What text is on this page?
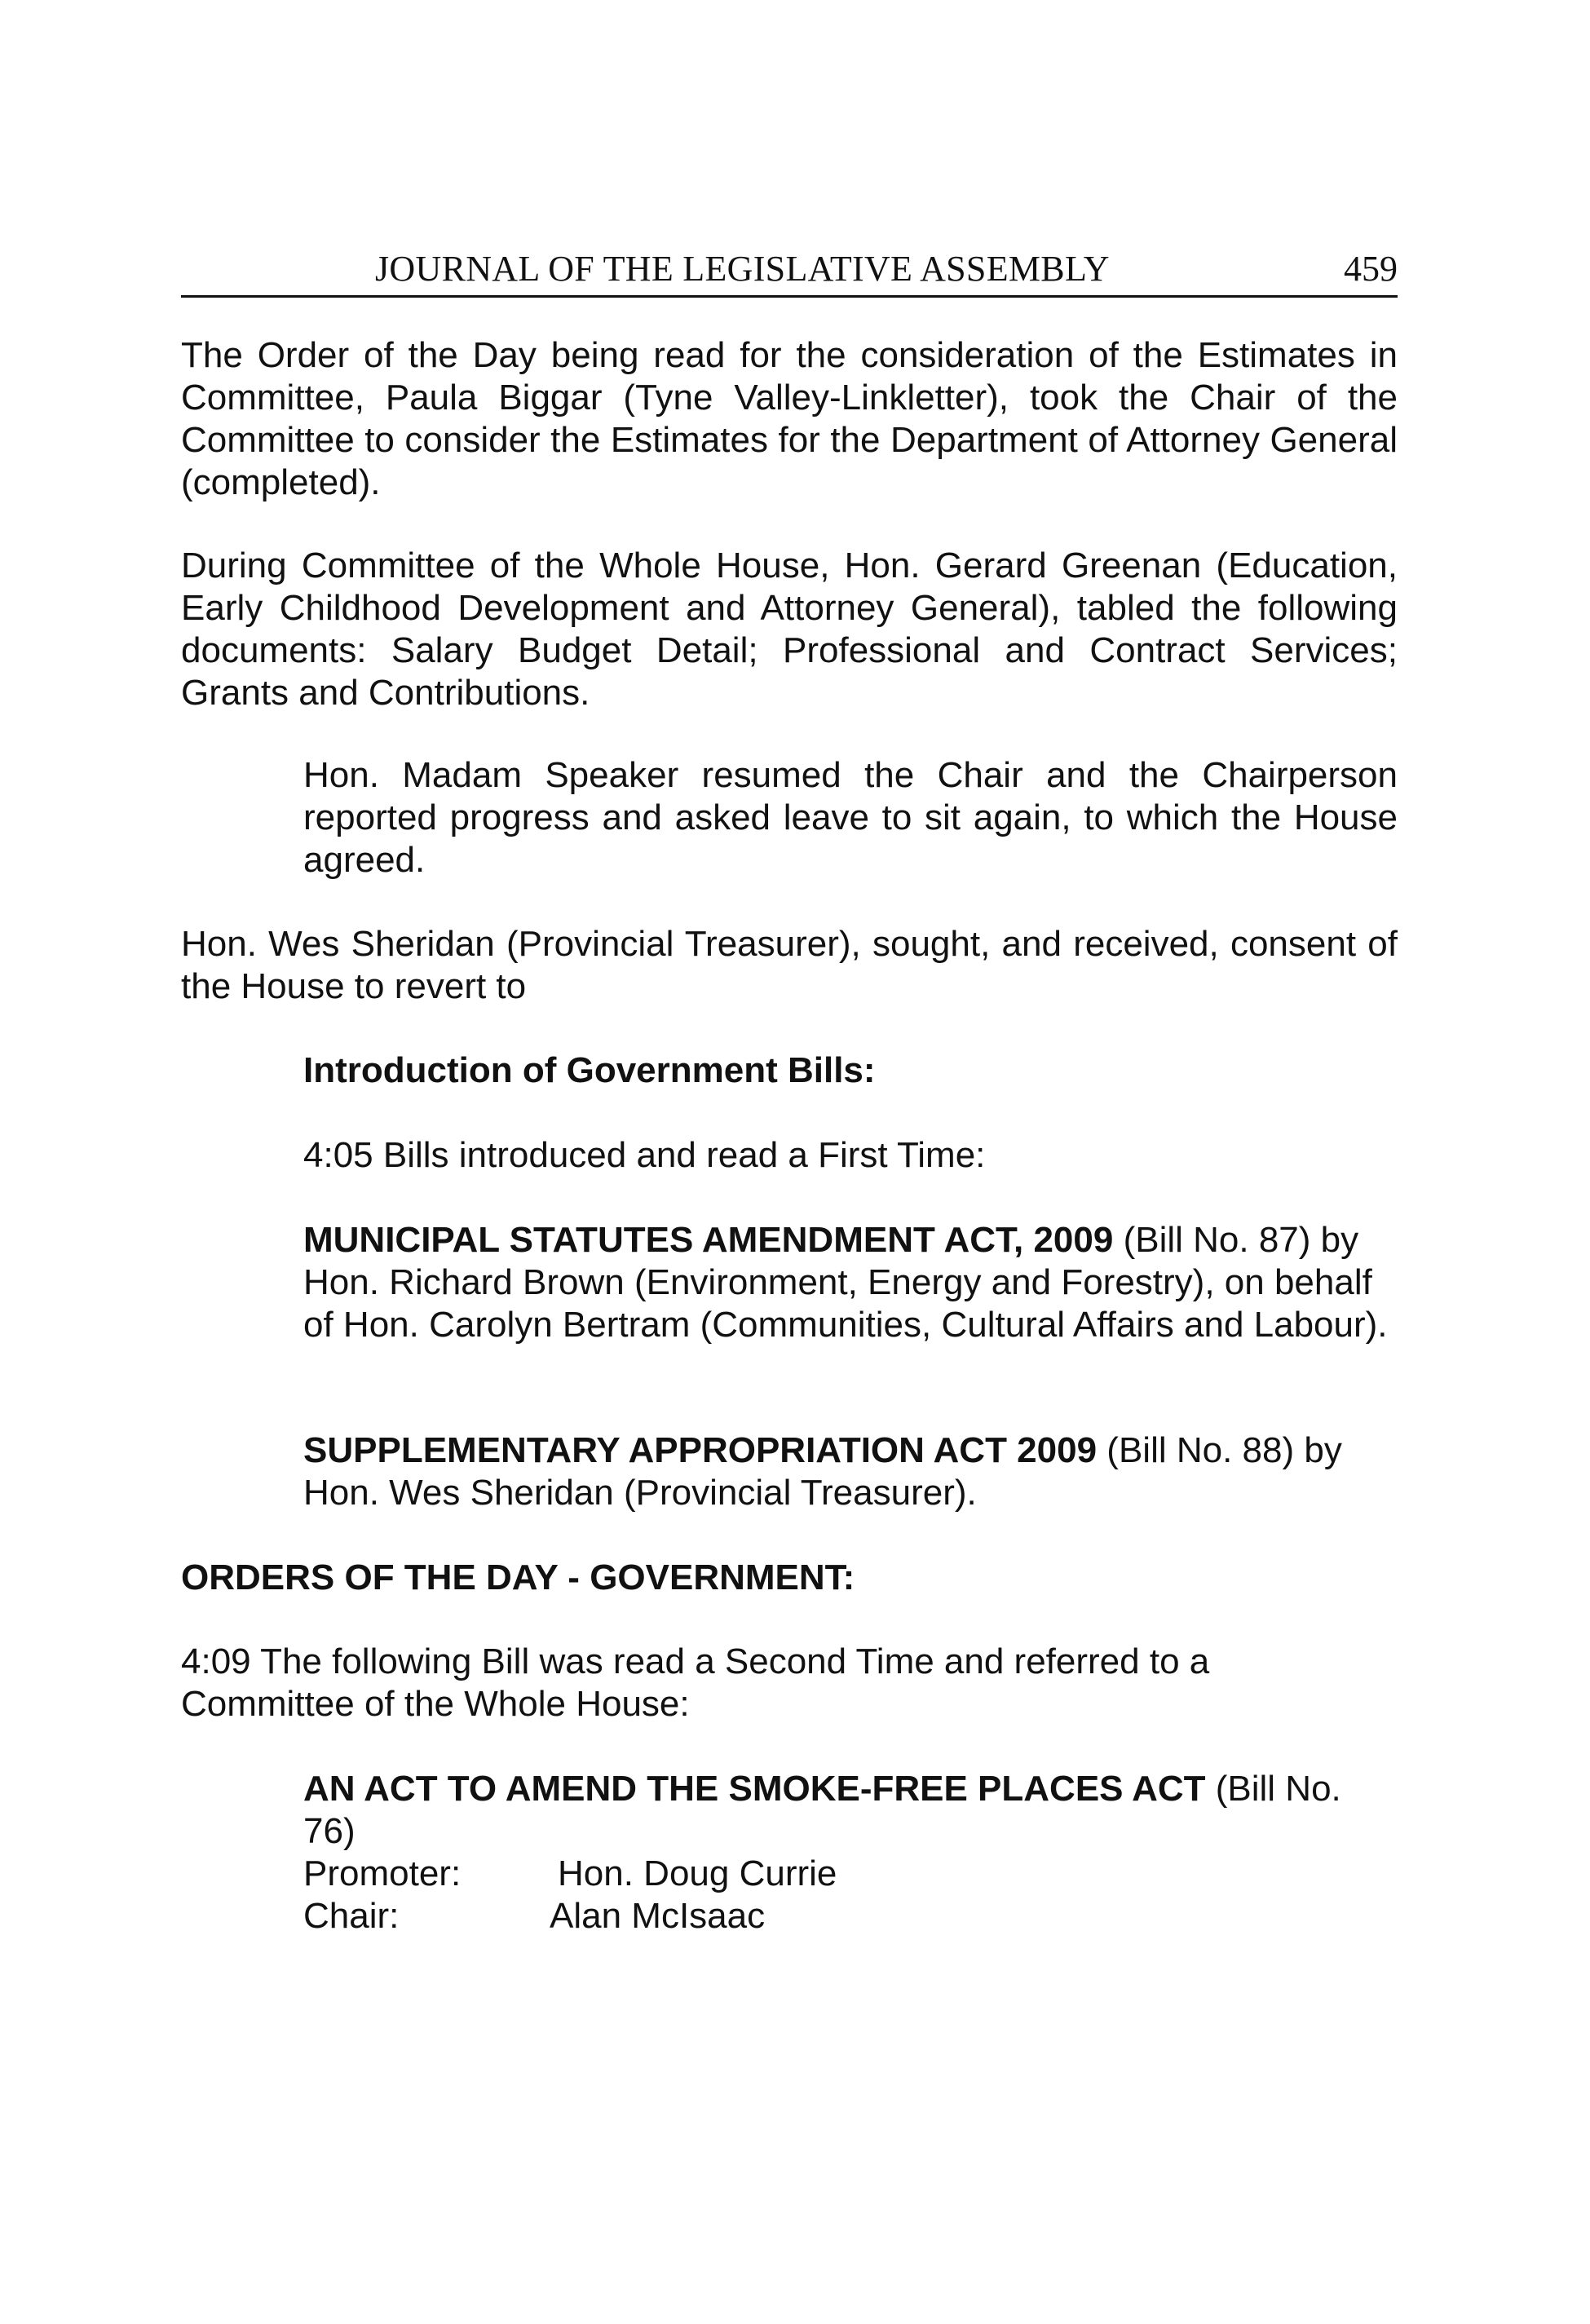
JOURNAL OF THE LEGISLATIVE ASSEMBLY	459

The Order of the Day being read for the consideration of the Estimates in Committee, Paula Biggar (Tyne Valley-Linkletter), took the Chair of the Committee to consider the Estimates for the Department of Attorney General (completed).

During Committee of the Whole House, Hon. Gerard Greenan (Education, Early Childhood Development and Attorney General), tabled the following documents: Salary Budget Detail; Professional and Contract Services; Grants and Contributions.

Hon. Madam Speaker resumed the Chair and the Chairperson reported progress and asked leave to sit again, to which the House agreed.

Hon. Wes Sheridan (Provincial Treasurer), sought, and received, consent of the House to revert to

Introduction of Government Bills:

4:05 Bills introduced and read a First Time:

MUNICIPAL STATUTES AMENDMENT ACT, 2009 (Bill No. 87) by Hon. Richard Brown (Environment, Energy and Forestry), on behalf of Hon. Carolyn Bertram (Communities, Cultural Affairs and Labour).

SUPPLEMENTARY APPROPRIATION ACT 2009 (Bill No. 88) by Hon. Wes Sheridan (Provincial Treasurer).

ORDERS OF THE DAY - GOVERNMENT:

4:09 The following Bill was read a Second Time and referred to a Committee of the Whole House:

AN ACT TO AMEND THE SMOKE-FREE PLACES ACT (Bill No. 76)

Promoter:	Hon. Doug Currie
Chair:	Alan McIsaac
